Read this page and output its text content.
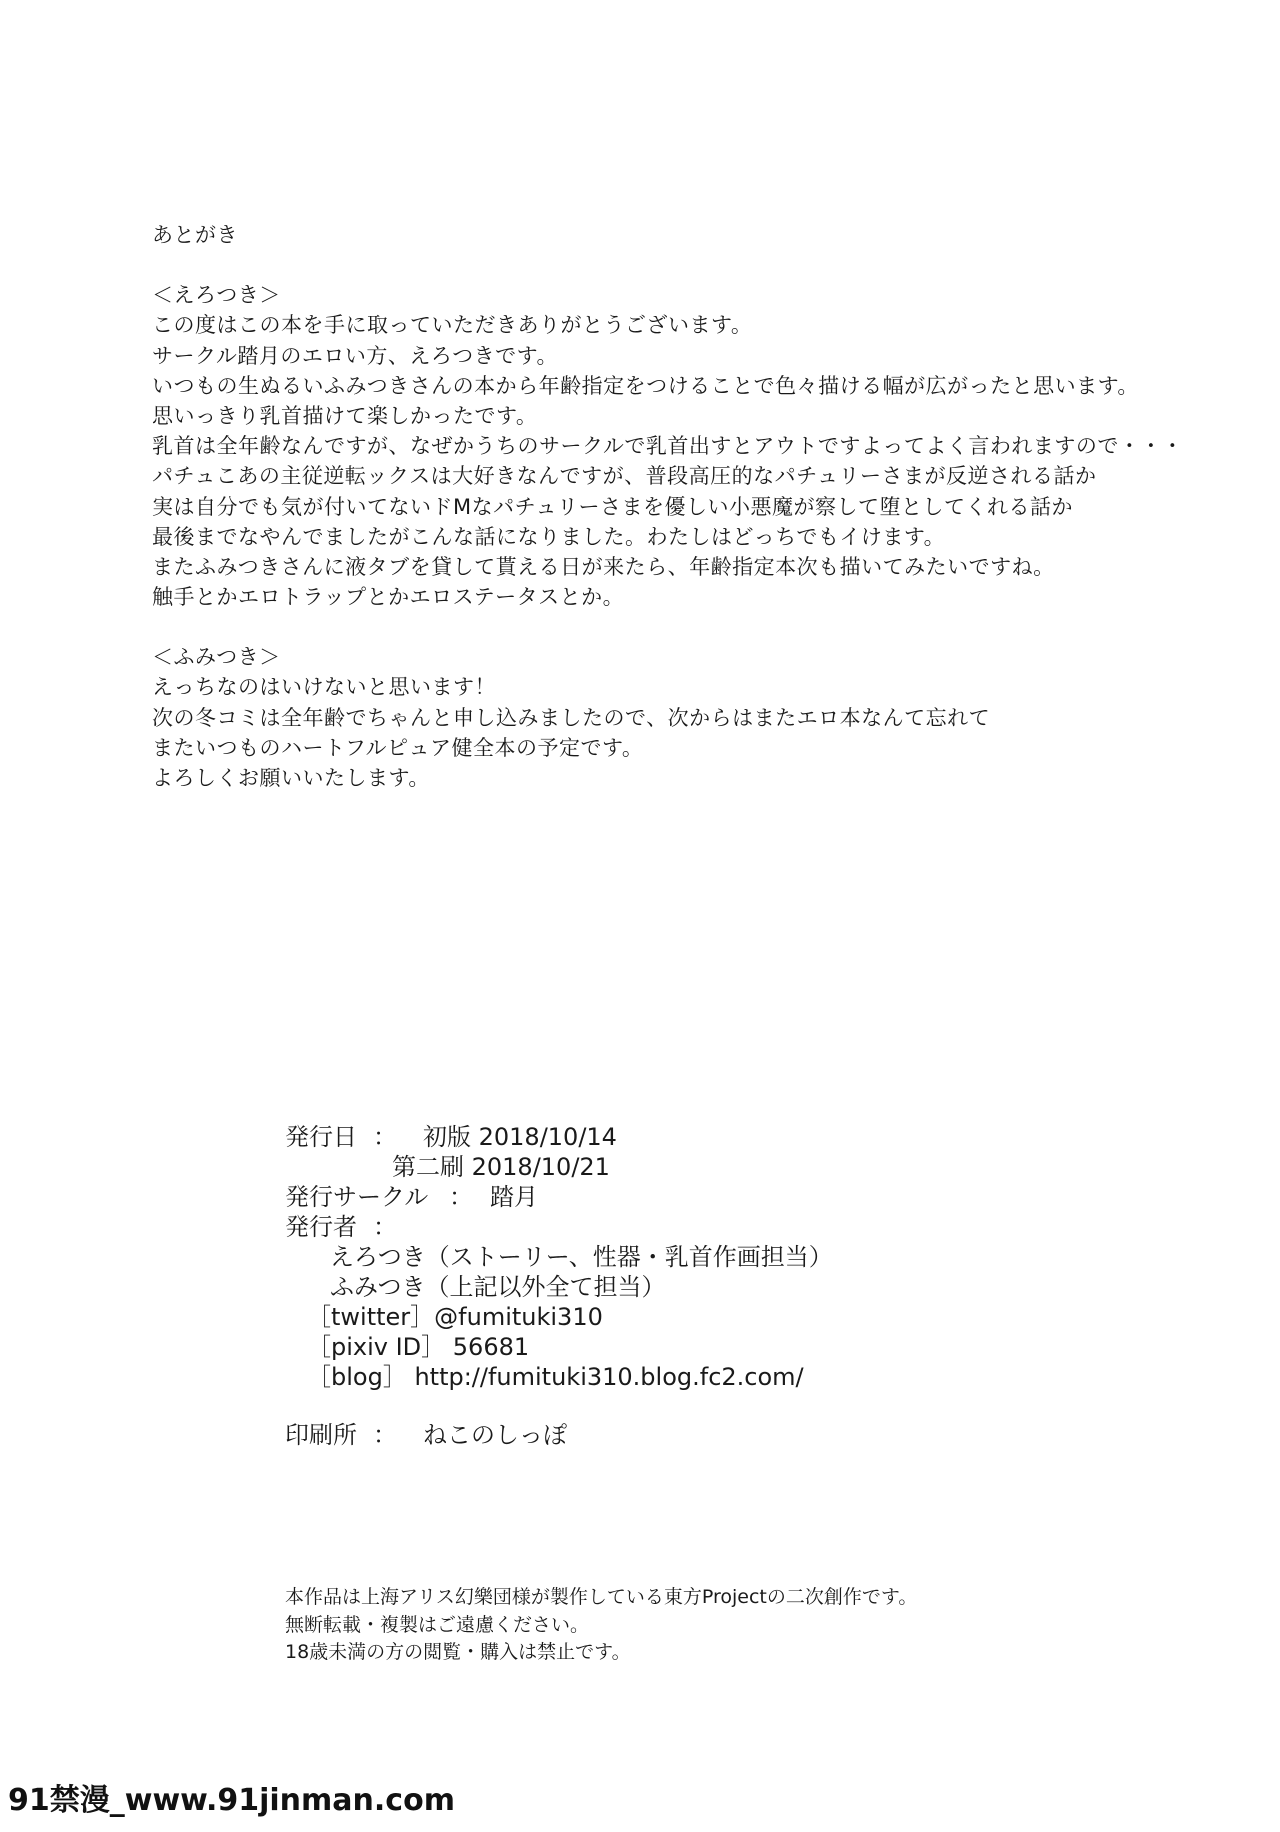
あとがき
＜えろつき＞
この度はこの本を手に取っていただきありがとうございます。
サークル踏月のエロい方、えろつきです。
いつもの生ぬるいふみつきさんの本から年齢指定をつけることで色々描ける幅が広がったと思います。
思いっきり乳首描けて楽しかったです。
乳首は全年齢なんですが、なぜかうちのサークルで乳首出すとアウトですよってよく言われますので・・・
パチュこあの主従逆転ックスは大好きなんですが、普段高圧的なパチュリーさまが反逆される話か
実は自分でも気が付いてないドMなパチュリーさまを優しい小悪魔が察して堕としてくれる話か
最後までなやんでましたがこんな話になりました。わたしはどっちでもイけます。
またふみつきさんに液タブを貸して貰える日が来たら、年齢指定本次も描いてみたいですね。
触手とかエロトラップとかエロステータスとか。
＜ふみつき＞
えっちなのはいけないと思います！
次の冬コミは全年齢でちゃんと申し込みましたので、次からはまたエロ本なんて忘れて
またいつものハートフルピュア健全本の予定です。
よろしくお願いいたします。
発行日 ： 初版 2018/10/14
第二刷 2018/10/21
発行サークル ： 踏月
発行者 ：
えろつき（ストーリー、性器・乳首作画担当）
ふみつき（上記以外全て担当）
［twitter］@fumituki310
［pixiv ID］ 56681
［blog］ http://fumituki310.blog.fc2.com/
印刷所 ： ねこのしっぽ
本作品は上海アリス幻樂団様が製作している東方Projectの二次創作です。
無断転載・複製はご遠慮ください。
18歳未満の方の閲覧・購入は禁止です。
91禁漫_www.91jinman.com
